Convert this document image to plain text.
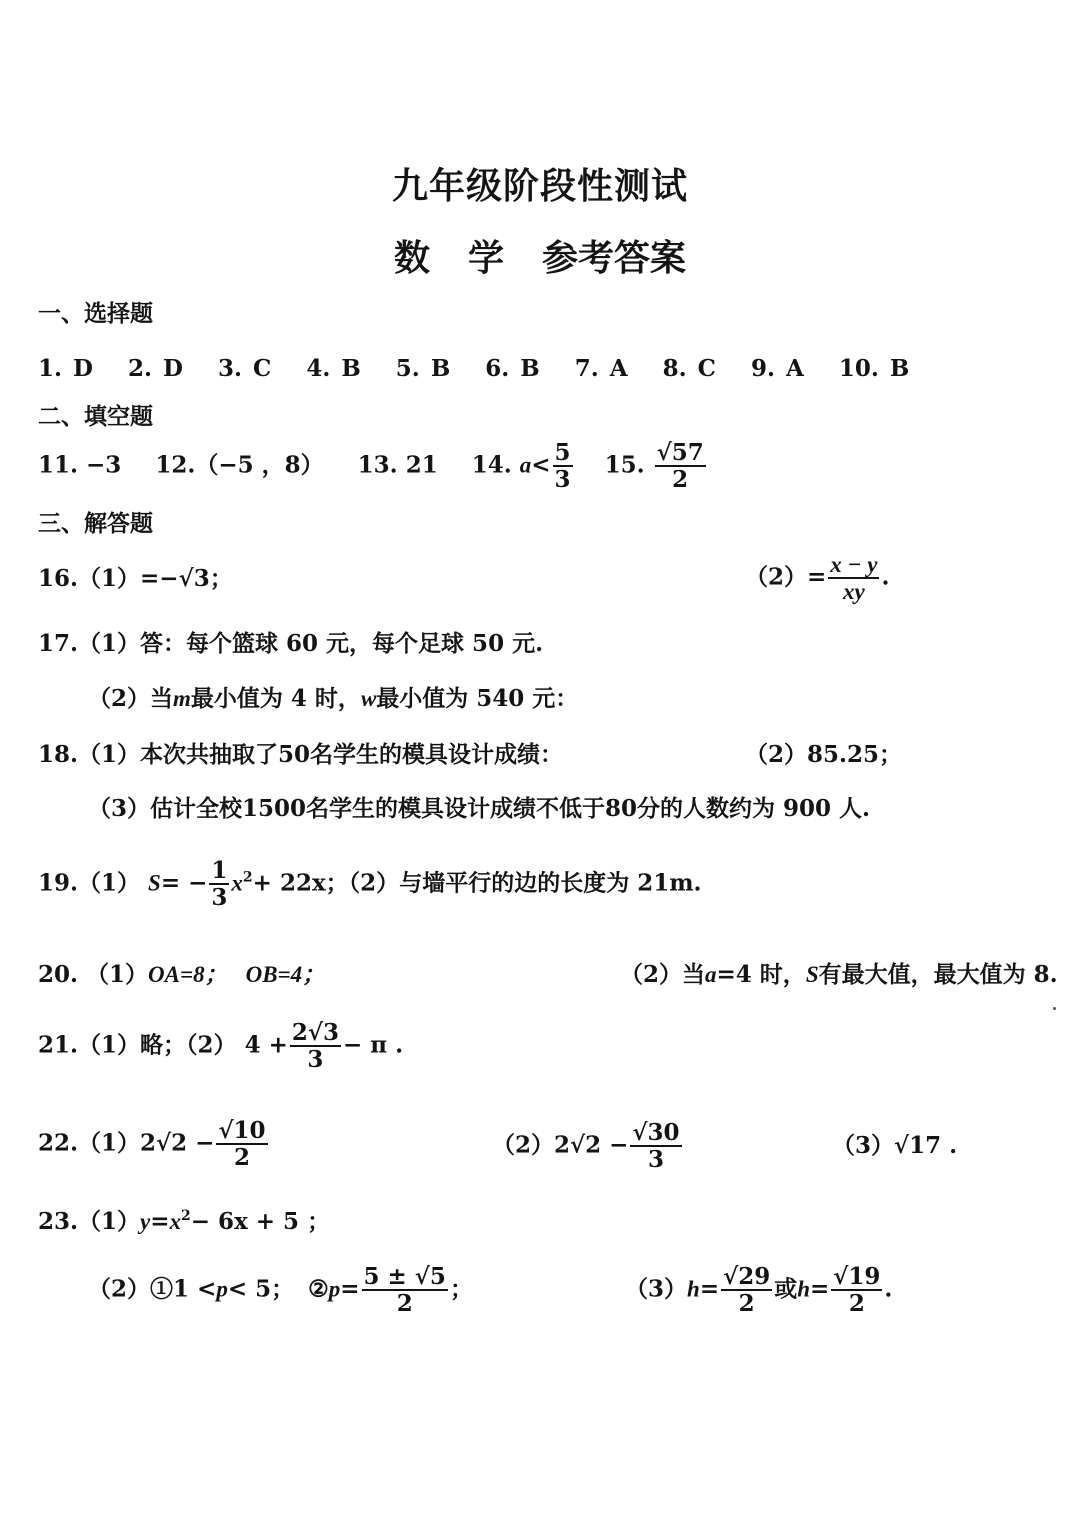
九年级阶段性测试
数 学 参考答案
一、选择题
1. D 2. D 3. C 4. B 5. B 6. B 7. A 8. C 9. A 10. B
二、填空题
11. −3 12.（−5 ，8） 13. 21 14. $a< \frac{5}{3} 15$. $\frac{√57}{2}$
三、解答题
16.（1）=−√3；	$(2)= \frac{x - y}{xy}$ .
17.（1）答：每个篮球 60 元，每个足球 50 元.
（2）当m最小值为 4 时，w最小值为 540 元：
18.（1）本次共抽取了50名学生的模具设计成绩：	（2）85.25；
（3）估计全校1500名学生的模具设计成绩不低于80分的人数约为 900 人.
19.（1） $S= - \frac{1}{3} x^2+ 22x$；（2）与墙平行的边的长度为 21m.
20. （1）OA=8； OB=4；	（2）当a=4 时，S有最大值，最大值为 8.
21.（1）略；（2） $4 + \frac{2√3}{3} - \pi$ .
$22.(1)2√2 - \frac{√10}{2}$	$(2)2√2 - \frac{√30}{3}$	（3）√17 .
$23.(1)y=x^2- 6x + 5$ ；
（2）①1 <p< 5； ②p= $\frac{5 \pm √5}{2}$ ；	$(3)h= \frac{√29}{2}$ 或$h= \frac{√19}{2}$ .
